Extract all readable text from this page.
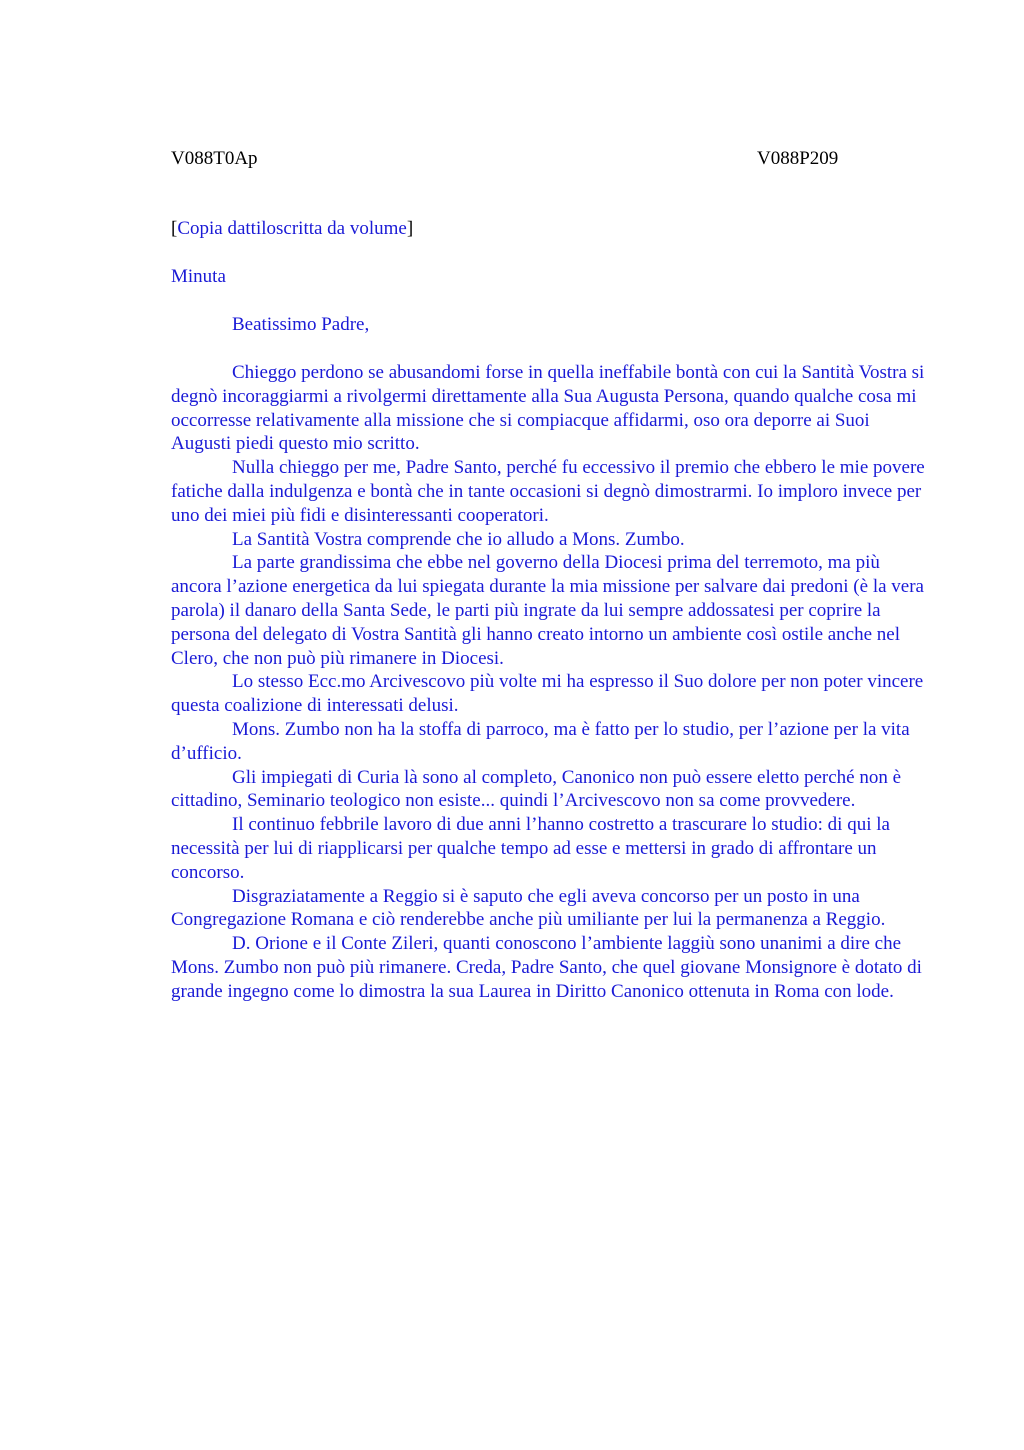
V088T0Ap	V088P209
[Copia dattiloscritta da volume]
Minuta
Beatissimo Padre,

Chieggo perdono se abusandomi forse in quella ineffabile bontà con cui la Santità Vostra si degnò incoraggiarmi a rivolgermi direttamente alla Sua Augusta Persona, quando qualche cosa mi occorresse relativamente alla missione che si compiacque affidarmi, oso ora deporre ai Suoi Augusti piedi questo mio scritto.

Nulla chieggo per me, Padre Santo, perché fu eccessivo il premio che ebbero le mie povere fatiche dalla indulgenza e bontà che in tante occasioni si degnò dimostrarmi. Io imploro invece per uno dei miei più fidi e disinteressanti cooperatori.

La Santità Vostra comprende che io alludo a Mons. Zumbo.

La parte grandissima che ebbe nel governo della Diocesi prima del terremoto, ma più ancora l’azione energetica da lui spiegata durante la mia missione per salvare dai predoni (è la vera parola) il danaro della Santa Sede, le parti più ingrate da lui sempre addossatesi per coprire la persona del delegato di Vostra Santità gli hanno creato intorno un ambiente così ostile anche nel Clero, che non può più rimanere in Diocesi.

Lo stesso Ecc.mo Arcivescovo più volte mi ha espresso il Suo dolore per non poter vincere questa coalizione di interessati delusi.

Mons. Zumbo non ha la stoffa di parroco, ma è fatto per lo studio, per l’azione per la vita d’ufficio.

Gli impiegati di Curia là sono al completo, Canonico non può essere eletto perché non è cittadino, Seminario teologico non esiste... quindi l’Arcivescovo non sa come provvedere.

Il continuo febbrile lavoro di due anni l’hanno costretto a trascurare lo studio: di qui la necessità per lui di riapplicarsi per qualche tempo ad esse e mettersi in grado di affrontare un concorso.

Disgraziatamente a Reggio si è saputo che egli aveva concorso per un posto in una Congregazione Romana e ciò renderebbe anche più umiliante per lui la permanenza a Reggio.

D. Orione e il Conte Zileri, quanti conoscono l’ambiente laggiù sono unanimi a dire che Mons. Zumbo non può più rimanere. Creda, Padre Santo, che quel giovane Monsignore è dotato di grande ingegno come lo dimostra la sua Laurea in Diritto Canonico ottenuta in Roma con lode.
